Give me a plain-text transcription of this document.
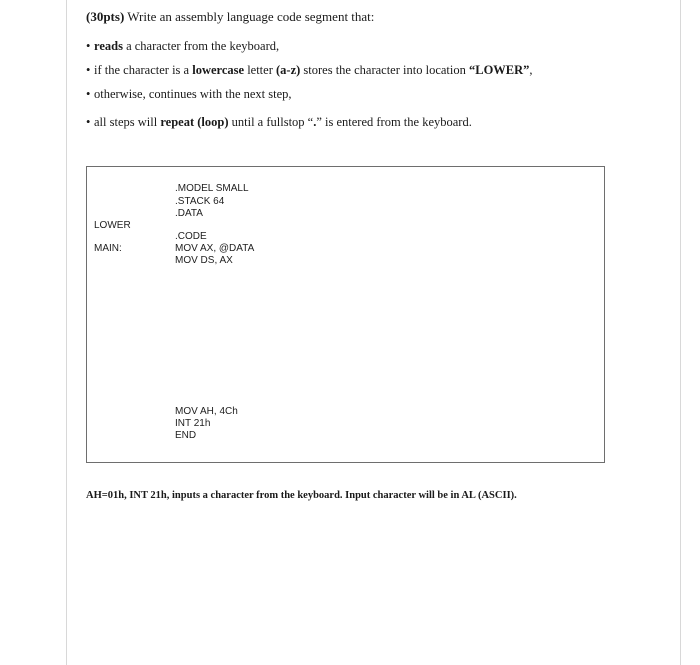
(30pts) Write an assembly language code segment that:
• reads a character from the keyboard,
• if the character is a lowercase letter (a-z) stores the character into location “LOWER”,
• otherwise, continues with the next step,
• all steps will repeat (loop) until a fullstop “.” is entered from the keyboard.
.MODEL SMALL
.STACK 64
.DATA
LOWER
.CODE
MAIN:	MOV AX, @DATA
MOV DS, AX
MOV AH, 4Ch
INT 21h
END
AH=01h, INT 21h, inputs a character from the keyboard. Input character will be in AL (ASCII).
